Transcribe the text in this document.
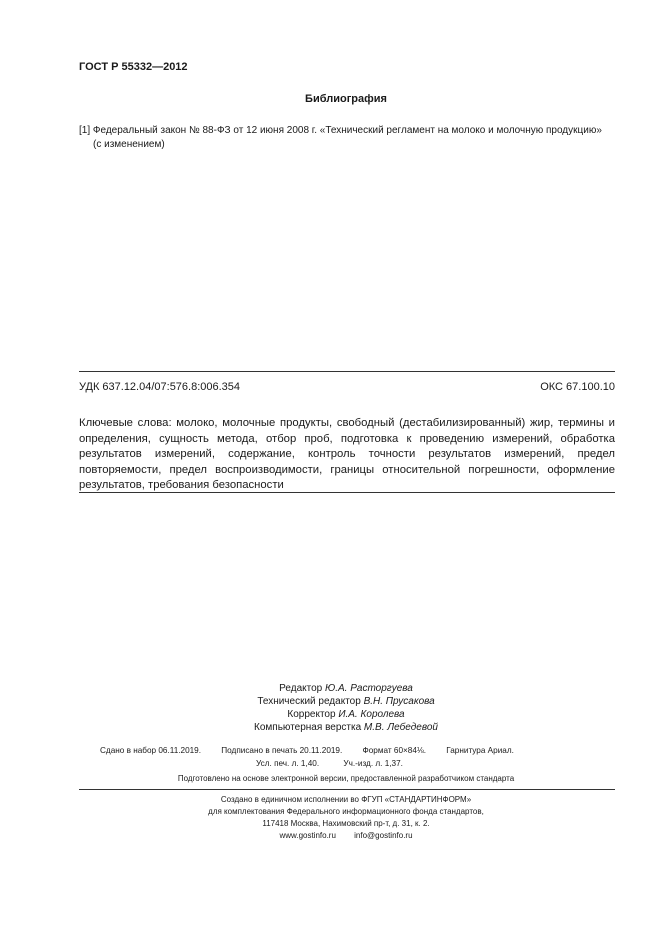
ГОСТ Р 55332—2012
Библиография
[1] Федеральный закон № 88-ФЗ от 12 июня 2008 г. «Технический регламент на молоко и молочную продукцию»
(с изменением)
УДК 637.12.04/07:576.8:006.354	ОКС 67.100.10
Ключевые слова: молоко, молочные продукты, свободный (дестабилизированный) жир, термины и определения, сущность метода, отбор проб, подготовка к проведению измерений, обработка результатов измерений, содержание, контроль точности результатов измерений, предел повторяемости, предел воспроизводимости, границы относительной погрешности, оформление результатов, требования безопасности
Редактор Ю.А. Расторгуева
Технический редактор В.Н. Прусакова
Корректор И.А. Королева
Компьютерная верстка М.В. Лебедевой
Сдано в набор 06.11.2019. Подписано в печать 20.11.2019. Формат 60×84⅛. Гарнитура Ариал.
Усл. печ. л. 1,40.	Уч.-изд. л. 1,37.
Подготовлено на основе электронной версии, предоставленной разработчиком стандарта
Создано в единичном исполнении во ФГУП «СТАНДАРТИНФОРМ»
для комплектования Федерального информационного фонда стандартов,
117418 Москва, Нахимовский пр-т, д. 31, к. 2.
www.gostinfo.ru info@gostinfo.ru
